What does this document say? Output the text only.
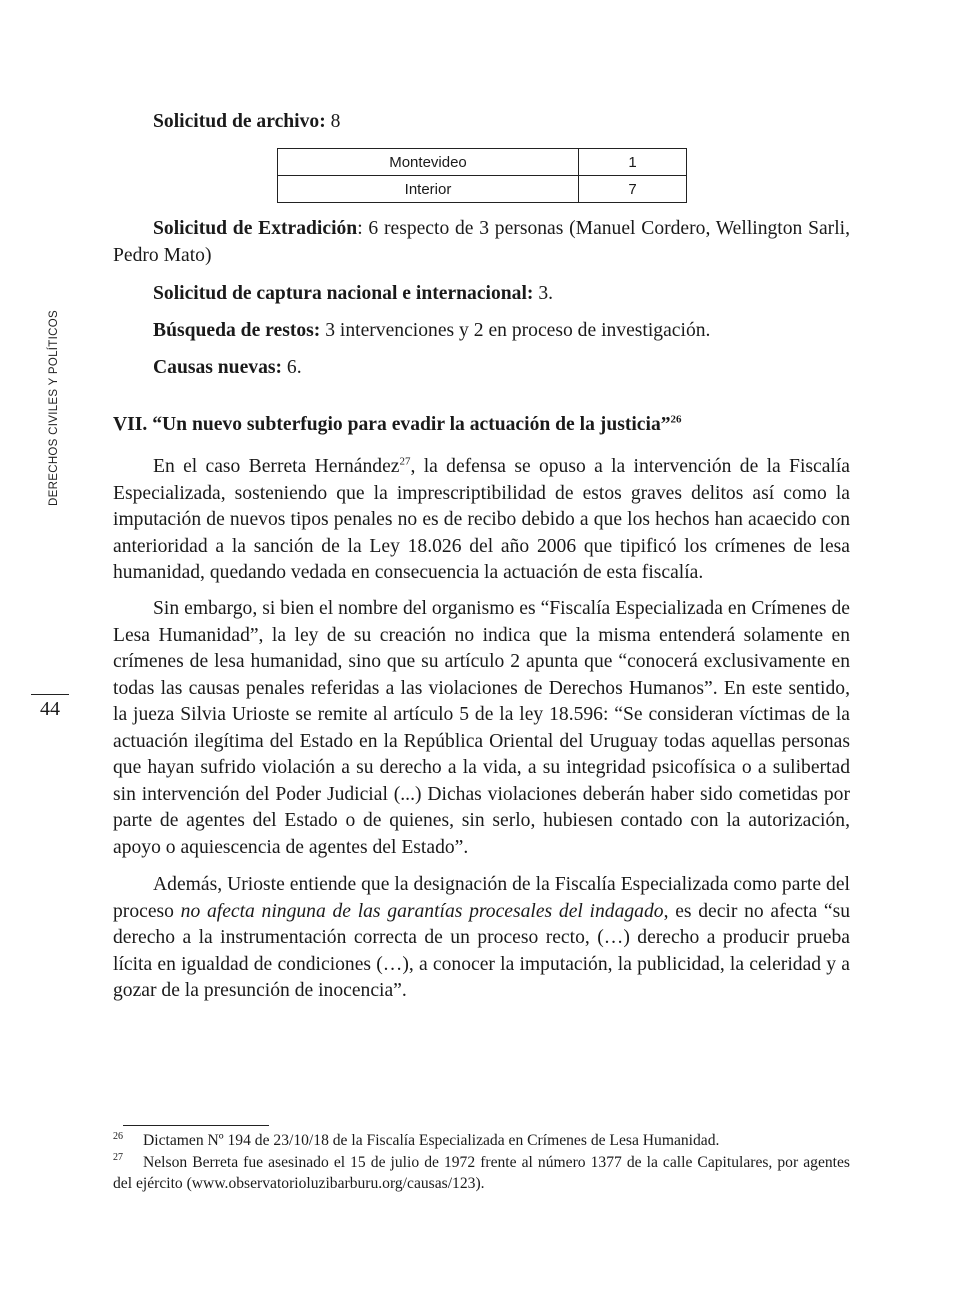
DERECHOS CIVILES Y POLÍTICOS
44

Solicitud de archivo: 8

Montevideo	1
Interior	7

Solicitud de Extradición: 6 respecto de 3 personas (Manuel Cordero, Wellington Sarli, Pedro Mato)

Solicitud de captura nacional e internacional: 3.

Búsqueda de restos: 3 intervenciones y 2 en proceso de investigación.

Causas nuevas: 6.

VII. “Un nuevo subterfugio para evadir la actuación de la justicia”$^{26}$

En el caso Berreta Hernández$^{27}$, la defensa se opuso a la intervención de la Fiscalía Especializada, sosteniendo que la imprescriptibilidad de estos graves delitos así como la imputación de nuevos tipos penales no es de recibo debido a que los hechos han acaecido con anterioridad a la sanción de la Ley 18.026 del año 2006 que tipificó los crímenes de lesa humanidad, quedando vedada en consecuencia la actuación de esta fiscalía.

Sin embargo, si bien el nombre del organismo es “Fiscalía Especializada en Crímenes de Lesa Humanidad”, la ley de su creación no indica que la misma entenderá solamente en crímenes de lesa humanidad, sino que su artículo 2 apunta que “conocerá exclusivamente en todas las causas penales referidas a las violaciones de Derechos Humanos”. En este sentido, la jueza Silvia Urioste se remite al artículo 5 de la ley 18.596: “Se consideran víctimas de la actuación ilegítima del Estado en la República Oriental del Uruguay todas aquellas personas que hayan sufrido violación a su derecho a la vida, a su integridad psicofísica o a sulibertad sin intervención del Poder Judicial (...) Dichas violaciones deberán haber sido cometidas por parte de agentes del Estado o de quienes, sin serlo, hubiesen contado con la autorización, apoyo o aquiescencia de agentes del Estado”.

Además, Urioste entiende que la designación de la Fiscalía Especializada como parte del proceso no afecta ninguna de las garantías procesales del indagado, es decir no afecta “su derecho a la instrumentación correcta de un proceso recto, (…) derecho a producir prueba lícita en igualdad de condiciones (…), a conocer la imputación, la publicidad, la celeridad y a gozar de la presunción de inocencia”.

26 Dictamen Nº 194 de 23/10/18 de la Fiscalía Especializada en Crímenes de Lesa Humanidad.

27 Nelson Berreta fue asesinado el 15 de julio de 1972 frente al número 1377 de la calle Capitulares, por agentes del ejército (www.observatorioluzibarburu.org/causas/123).
